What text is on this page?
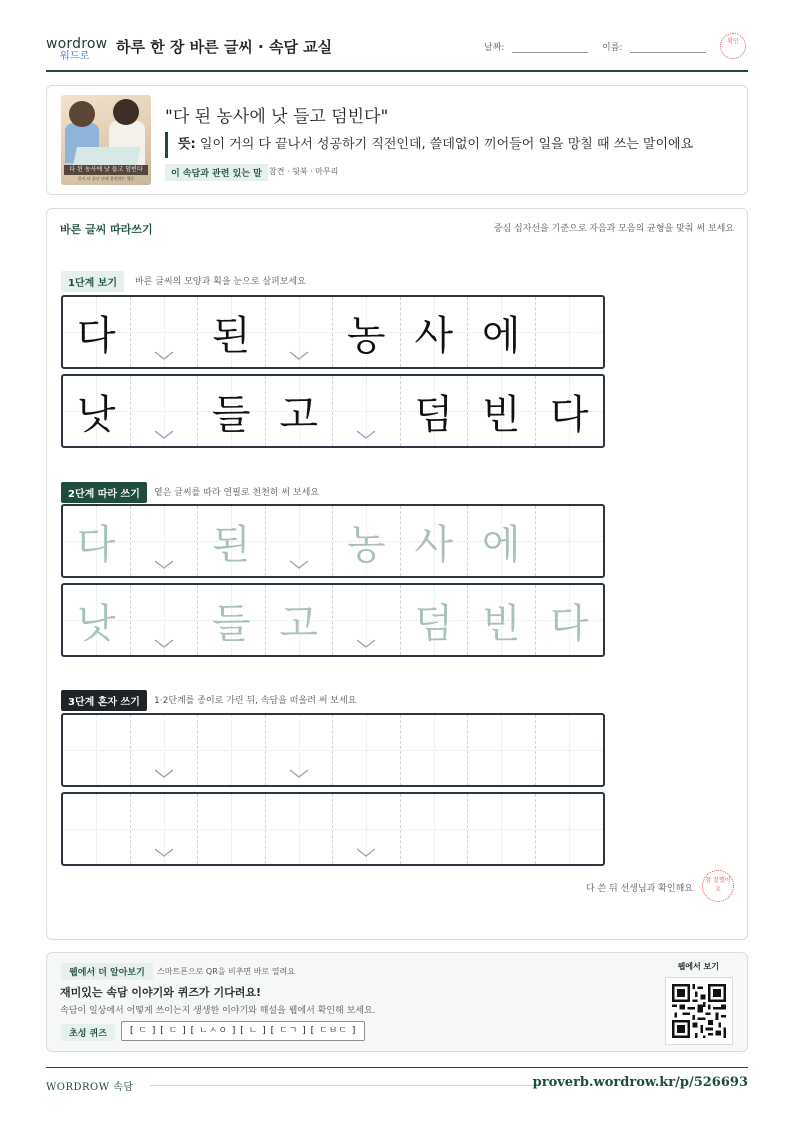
wordrow
워드로
하루 한 장 바른 글씨 · 속담 교실	날짜:	이름:
확인
다 된 농사에 낫 들고 덤빈다
일이 다 끝난 뒤에 참견하는 행동
"다 된 농사에 낫 들고 덤빈다"
뜻: 일이 거의 다 끝나서 성공하기 직전인데, 쓸데없이 끼어들어 일을 망칠 때 쓰는 말이에요
이 속담과 관련 있는 말 참견 · 뒷북 · 마무리
바른 글씨 따라쓰기	중심 십자선을 기준으로 자음과 모음의 균형을 맞춰 써 보세요
1단계 보기	바른 글씨의 모양과 획을 눈으로 살펴보세요
다 된 농 사 에
낫 들 고 덤 빈 다
2단계 따라 쓰기	옅은 글씨를 따라 연필로 천천히 써 보세요
다 된 농 사 에
낫 들 고 덤 빈 다
3단계 혼자 쓰기	1·2단계를 종이로 가린 뒤, 속담을 떠올려 써 보세요
다 쓴 뒤 선생님과 확인해요
참 잘했어요
웹에서 더 알아보기	스마트폰으로 QR을 비추면 바로 열려요
재미있는 속담 이야기와 퀴즈가 기다려요!
속담이 일상에서 어떻게 쓰이는지 생생한 이야기와 해설을 웹에서 확인해 보세요.
초성 퀴즈	[ ㄷ ] [ ㄷ ] [ ㄴㅅㅇ ] [ ㄴ ] [ ㄷㄱ ] [ ㄷㅂㄷ ]
웹에서 보기
WORDROW 속담	proverb.wordrow.kr/p/526693
